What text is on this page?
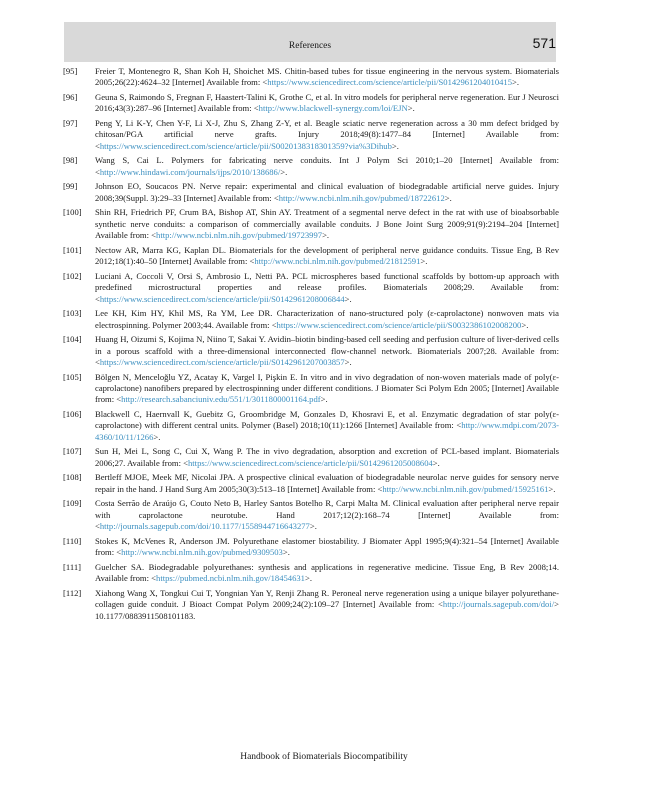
References	571
[95] Freier T, Montenegro R, Shan Koh H, Shoichet MS. Chitin-based tubes for tissue engineering in the nervous system. Biomaterials 2005;26(22):4624–32 [Internet] Available from: <https://www.sciencedirect.com/science/article/pii/S0142961204010415>.
[96] Geuna S, Raimondo S, Fregnan F, Haastert-Talini K, Grothe C, et al. In vitro models for peripheral nerve regeneration. Eur J Neurosci 2016;43(3):287–96 [Internet] Available from: <http://www.blackwell-synergy.com/loi/EJN>.
[97] Peng Y, Li K-Y, Chen Y-F, Li X-J, Zhu S, Zhang Z-Y, et al. Beagle sciatic nerve regeneration across a 30 mm defect bridged by chitosan/PGA artificial nerve grafts. Injury 2018;49(8):1477–84 [Internet] Available from: <https://www.sciencedirect.com/science/article/pii/S0020138318301359?via%3Dihub>.
[98] Wang S, Cai L. Polymers for fabricating nerve conduits. Int J Polym Sci 2010;1–20 [Internet] Available from: <http://www.hindawi.com/journals/ijps/2010/138686/>.
[99] Johnson EO, Soucacos PN. Nerve repair: experimental and clinical evaluation of biodegradable artificial nerve guides. Injury 2008;39(Suppl. 3):29–33 [Internet] Available from: <http://www.ncbi.nlm.nih.gov/pubmed/18722612>.
[100] Shin RH, Friedrich PF, Crum BA, Bishop AT, Shin AY. Treatment of a segmental nerve defect in the rat with use of bioabsorbable synthetic nerve conduits: a comparison of commercially available conduits. J Bone Joint Surg 2009;91(9):2194–204 [Internet] Available from: <http://www.ncbi.nlm.nih.gov/pubmed/19723997>.
[101] Nectow AR, Marra KG, Kaplan DL. Biomaterials for the development of peripheral nerve guidance conduits. Tissue Eng, B Rev 2012;18(1):40–50 [Internet] Available from: <http://www.ncbi.nlm.nih.gov/pubmed/21812591>.
[102] Luciani A, Coccoli V, Orsi S, Ambrosio L, Netti PA. PCL microspheres based functional scaffolds by bottom-up approach with predefined microstructural properties and release profiles. Biomaterials 2008;29. Available from: <https://www.sciencedirect.com/science/article/pii/S0142961208006844>.
[103] Lee KH, Kim HY, Khil MS, Ra YM, Lee DR. Characterization of nano-structured poly (ε-caprolactone) nonwoven mats via electrospinning. Polymer 2003;44. Available from: <https://www.sciencedirect.com/science/article/pii/S0032386102008200>.
[104] Huang H, Oizumi S, Kojima N, Niino T, Sakai Y. Avidin–biotin binding-based cell seeding and perfusion culture of liver-derived cells in a porous scaffold with a three-dimensional interconnected flow-channel network. Biomaterials 2007;28. Available from: <https://www.sciencedirect.com/science/article/pii/S0142961207003857>.
[105] Bölgen N, Menceloğlu YZ, Acatay K, Vargel I, Pişkin E. In vitro and in vivo degradation of non-woven materials made of poly(ε-caprolactone) nanofibers prepared by electrospinning under different conditions. J Biomater Sci Polym Edn 2005; [Internet] Available from: <http://research.sabanciuniv.edu/551/1/3011800001164.pdf>.
[106] Blackwell C, Haernvall K, Guebitz G, Groombridge M, Gonzales D, Khosravi E, et al. Enzymatic degradation of star poly(ε-caprolactone) with different central units. Polymer (Basel) 2018;10(11):1266 [Internet] Available from: <http://www.mdpi.com/2073-4360/10/11/1266>.
[107] Sun H, Mei L, Song C, Cui X, Wang P. The in vivo degradation, absorption and excretion of PCL-based implant. Biomaterials 2006;27. Available from: <https://www.sciencedirect.com/science/article/pii/S0142961205008604>.
[108] Bertleff MJOE, Meek MF, Nicolai JPA. A prospective clinical evaluation of biodegradable neurolac nerve guides for sensory nerve repair in the hand. J Hand Surg Am 2005;30(3):513–18 [Internet] Available from: <http://www.ncbi.nlm.nih.gov/pubmed/15925161>.
[109] Costa Serrão de Araújo G, Couto Neto B, Harley Santos Botelho R, Carpi Malta M. Clinical evaluation after peripheral nerve repair with caprolactone neurotube. Hand 2017;12(2):168–74 [Internet] Available from: <http://journals.sagepub.com/doi/10.1177/1558944716643277>.
[110] Stokes K, McVenes R, Anderson JM. Polyurethane elastomer biostability. J Biomater Appl 1995;9(4):321–54 [Internet] Available from: <http://www.ncbi.nlm.nih.gov/pubmed/9309503>.
[111] Guelcher SA. Biodegradable polyurethanes: synthesis and applications in regenerative medicine. Tissue Eng, B Rev 2008;14. Available from: <https://pubmed.ncbi.nlm.nih.gov/18454631>.
[112] Xiahong Wang X, Tongkui Cui T, Yongnian Yan Y, Renji Zhang R. Peroneal nerve regeneration using a unique bilayer polyurethane-collagen guide conduit. J Bioact Compat Polym 2009;24(2):109–27 [Internet] Available from: <http://journals.sagepub.com/doi/> 10.1177/0883911508101183.
Handbook of Biomaterials Biocompatibility
